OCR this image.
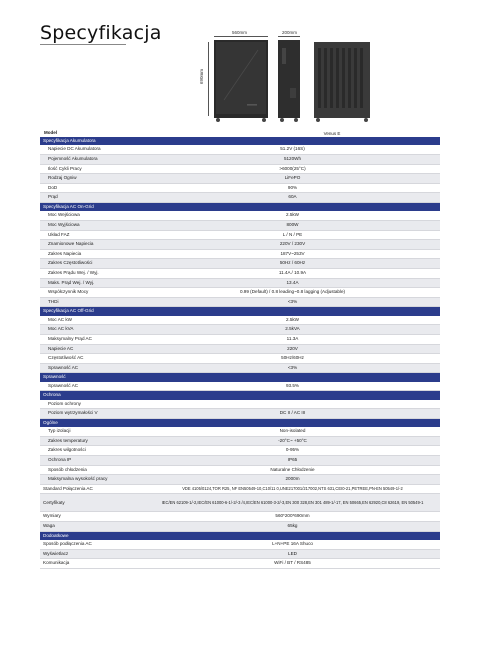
Specyfikacja	560mm	200mm
690mm
Model	Venus E
Specyfikacja Akumulatora	
Napiecie DC Akumulatora	51.2V (16S)
Pojemność Akumulatora	5120Wh
Ilość Cykli Pracy	>6000(25°C)
Rodzaj Ogniw	LiFePO
DoD	90%
Prąd	60A
Specyfikacja AC On-Grid	
Moc Wejściowa	2.5kW
Moc Wyjściowa	800W
Układ FAZ	L / N / PE
Znamionowe Napiecia	220V / 230V
Zakres Napiecia	187V~253V
Zakres Częstotliwości	50Hz / 60Hz
Zakres Prądu Wej. / Wyj.	11.4A / 10.9A
Maks. Prąd Wej. / Wyj.	13.4A
Współczynnik Mocy	0.99 (Default) / 0.8 leading~0.8 lagging (Adjustable)
THDi	<3%
Specyfikacja AC Off-Grid	
Moc AC kW	2.5kW
Moc AC kVA	2.5kVA
Maksymalny Prąd AC	11.3A
Napiecie AC	220V
Częstotliwość AC	50Hz/60Hz
Sprawność AC	<3%
Sprawność	
Sprawność AC	93.5%
Ochrona	
Poziom ochrony	
Poziom wytrzymałości V	DC II / AC III
Ogólne	
Typ izolacji	Non-isolated
Zakres temperatury	-20°C~ +50°C
Zakres wilgotności	0-95%
Ochrona IP	IP65
Sposób chłodzenia	Naturalne Chłodzenie
Maksymalna wysokość pracy	2000m
Standard Połączenia AC	VDE 4105/0124,TOR R25, NF EN50549-10,C10/11 0,UNE217001/217002,NTS 631,CEI0-21,PETREE,PN-EN 50549-1/-2
Certyfikaty	IEC/EN 62109-1/-2,IEC/EN 61000-6-1/-2/-3 /4,IEC/EN 61000-3-2/-3,EN 300 328,EN 301 489-1/-17, EN 50665,EN 62920,C8 62619, EN 50549-1
Wymiary	560*200*690mm
Waga	65kg
Dodoatkowe	
Sposób podłączenia AC	L+N+PE 16A Shuco
Wyświetlacz	LED
Komunikacja	WiFi / BT / RS485
